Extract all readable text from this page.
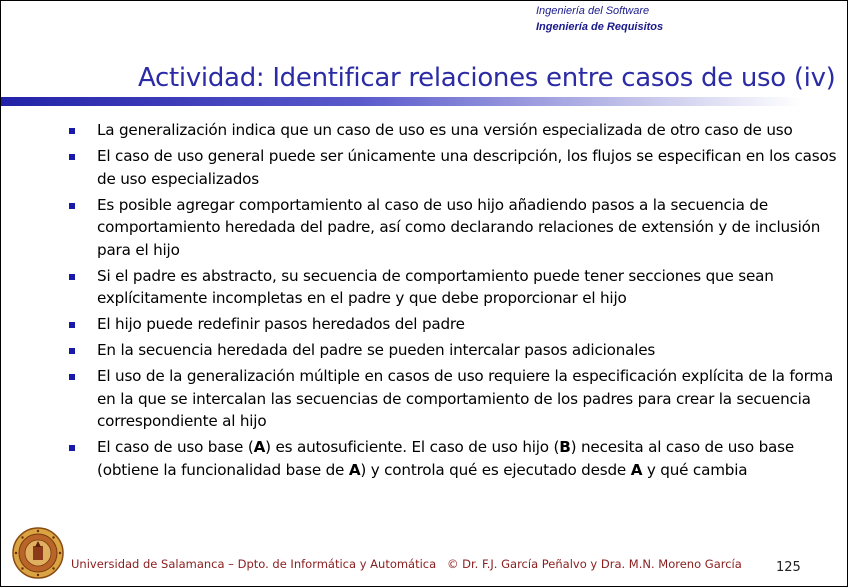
Ingeniería del Software
Ingeniería de Requisitos
Actividad: Identificar relaciones entre casos de uso (iv)
La generalización indica que un caso de uso es una versión especializada de otro caso de uso
El caso de uso general puede ser únicamente una descripción, los flujos se especifican en los casos de uso especializados
Es posible agregar comportamiento al caso de uso hijo añadiendo pasos a la secuencia de comportamiento heredada del padre, así como declarando relaciones de extensión y de inclusión para el hijo
Si el padre es abstracto, su secuencia de comportamiento puede tener secciones que sean explícitamente incompletas en el padre y que debe proporcionar el hijo
El hijo puede redefinir pasos heredados del padre
En la secuencia heredada del padre se pueden intercalar pasos adicionales
El uso de la generalización múltiple en casos de uso requiere la especificación explícita de la forma en la que se intercalan las secuencias de comportamiento de los padres para crear la secuencia correspondiente al hijo
El caso de uso base (A) es autosuficiente. El caso de uso hijo (B) necesita al caso de uso base (obtiene la funcionalidad base de A) y controla qué es ejecutado desde A y qué cambia
Universidad de Salamanca – Dpto. de Informática y Automática © Dr. F.J. García Peñalvo y Dra. M.N. Moreno García	125
